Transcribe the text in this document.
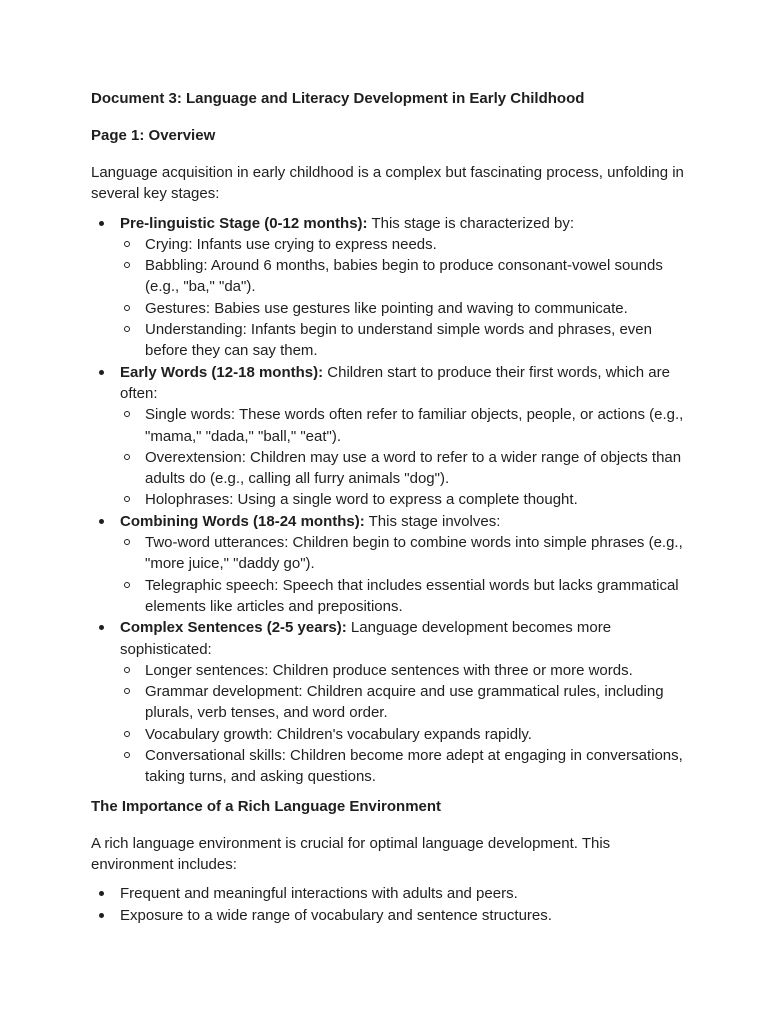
Document 3: Language and Literacy Development in Early Childhood
Page 1: Overview

Language acquisition in early childhood is a complex but fascinating process, unfolding in several key stages:

Pre-linguistic Stage (0-12 months): This stage is characterized by:
Crying: Infants use crying to express needs.
Babbling: Around 6 months, babies begin to produce consonant-vowel sounds (e.g., "ba," "da").
Gestures: Babies use gestures like pointing and waving to communicate.
Understanding: Infants begin to understand simple words and phrases, even before they can say them.
Early Words (12-18 months): Children start to produce their first words, which are often:
Single words: These words often refer to familiar objects, people, or actions (e.g., "mama," "dada," "ball," "eat").
Overextension: Children may use a word to refer to a wider range of objects than adults do (e.g., calling all furry animals "dog").
Holophrases: Using a single word to express a complete thought.
Combining Words (18-24 months): This stage involves:
Two-word utterances: Children begin to combine words into simple phrases (e.g., "more juice," "daddy go").
Telegraphic speech: Speech that includes essential words but lacks grammatical elements like articles and prepositions.
Complex Sentences (2-5 years): Language development becomes more sophisticated:
Longer sentences: Children produce sentences with three or more words.
Grammar development: Children acquire and use grammatical rules, including plurals, verb tenses, and word order.
Vocabulary growth: Children's vocabulary expands rapidly.
Conversational skills: Children become more adept at engaging in conversations, taking turns, and asking questions.
The Importance of a Rich Language Environment

A rich language environment is crucial for optimal language development. This environment includes:

Frequent and meaningful interactions with adults and peers.
Exposure to a wide range of vocabulary and sentence structures.
